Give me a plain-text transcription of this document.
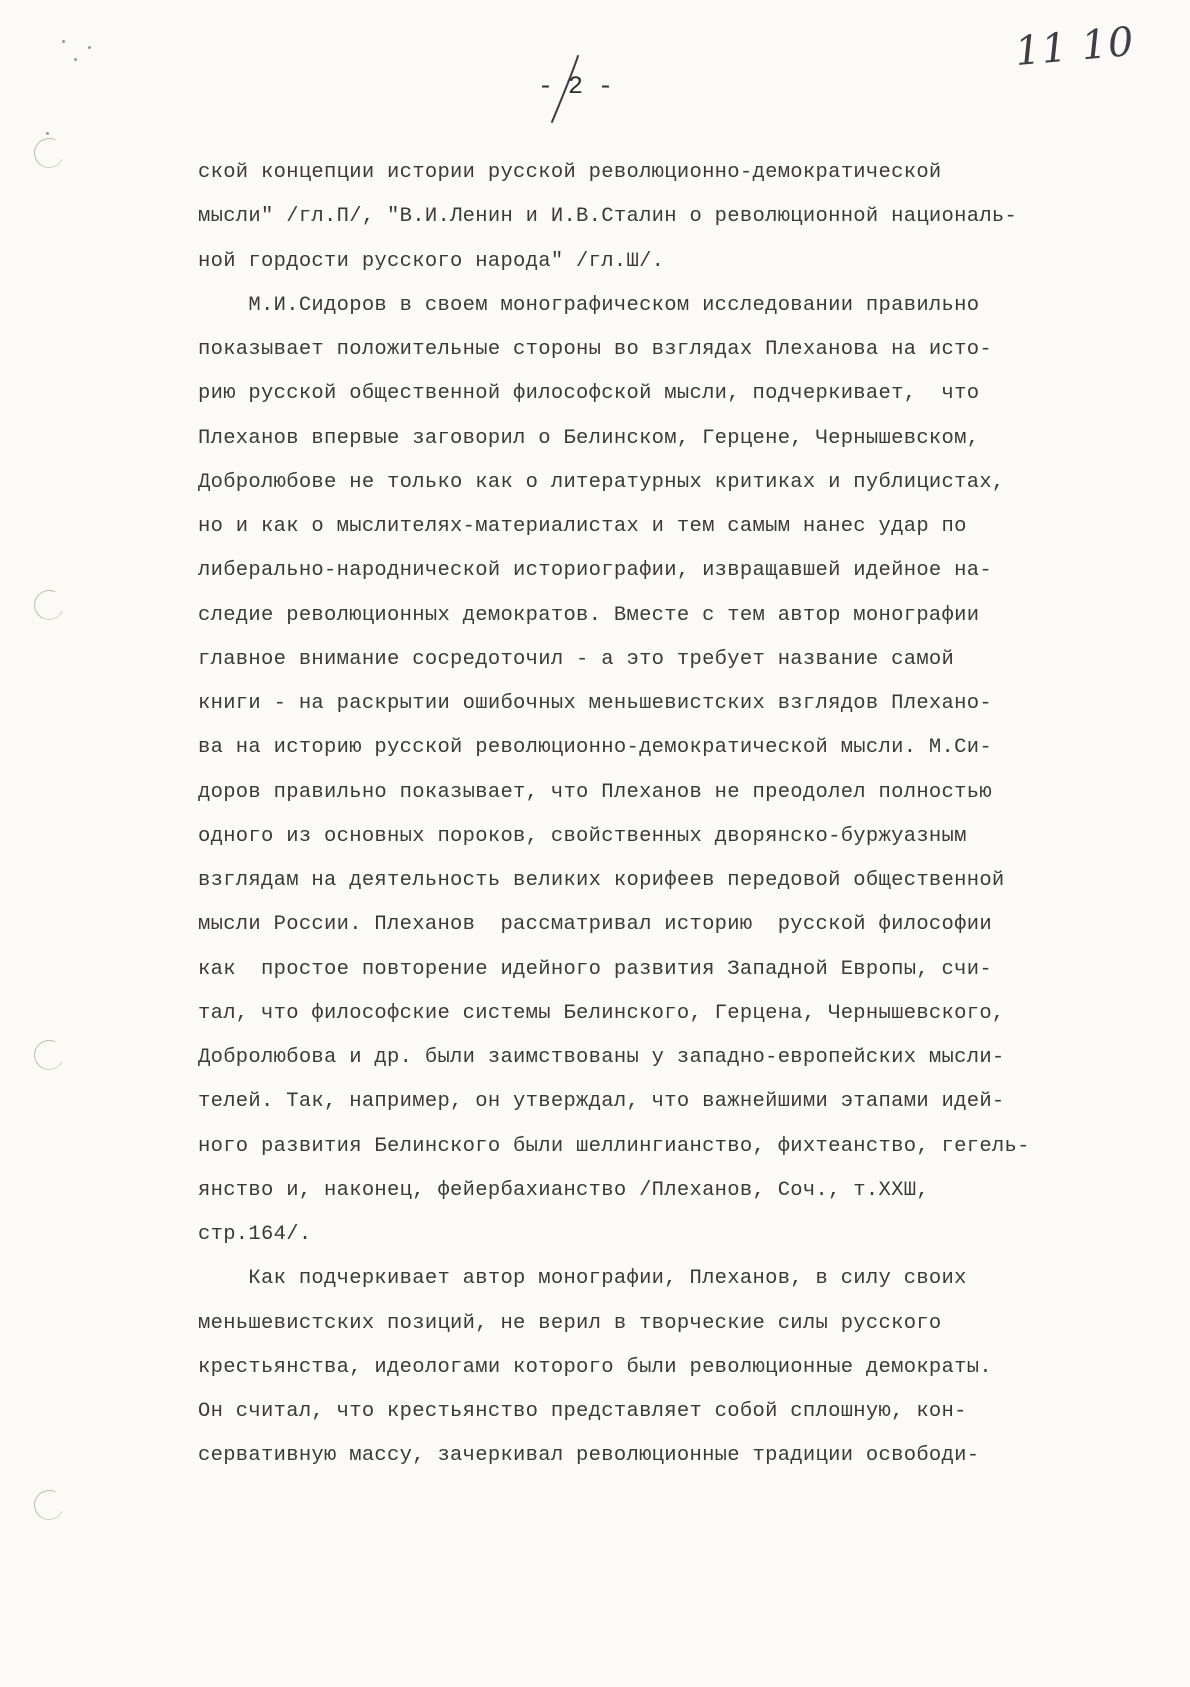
11 10
- 2 -
ской концепции истории русской революционно-демократической
мысли" /гл.П/, "В.И.Ленин и И.В.Сталин о революционной националь-
ной гордости русского народа" /гл.Ш/.
М.И.Сидоров в своем монографическом исследовании правильно
показывает положительные стороны во взглядах Плеханова на исто-
рию русской общественной философской мысли, подчеркивает,  что
Плеханов впервые заговорил о Белинском, Герцене, Чернышевском,
Добролюбове не только как о литературных критиках и публицистах,
но и как о мыслителях-материалистах и тем самым нанес удар по
либерально-народнической историографии, извращавшей идейное на-
следие революционных демократов. Вместе с тем автор монографии
главное внимание сосредоточил - а это требует название самой
книги - на раскрытии ошибочных меньшевистских взглядов Плехано-
ва на историю русской революционно-демократической мысли. М.Си-
доров правильно показывает, что Плеханов не преодолел полностью
одного из основных пороков, свойственных дворянско-буржуазным
взглядам на деятельность великих корифеев передовой общественной
мысли России. Плеханов  рассматривал историю  русской философии
как  простое повторение идейного развития Западной Европы, счи-
тал, что философские системы Белинского, Герцена, Чернышевского,
Добролюбова и др. были заимствованы у западно-европейских мысли-
телей. Так, например, он утверждал, что важнейшими этапами идей-
ного развития Белинского были шеллингианство, фихтеанство, гегель-
янство и, наконец, фейербахианство /Плеханов, Соч., т.XXШ,
стр.164/.
Как подчеркивает автор монографии, Плеханов, в силу своих
меньшевистских позиций, не верил в творческие силы русского
крестьянства, идеологами которого были революционные демократы.
Он считал, что крестьянство представляет собой сплошную, кон-
сервативную массу, зачеркивал революционные традиции освободи-
